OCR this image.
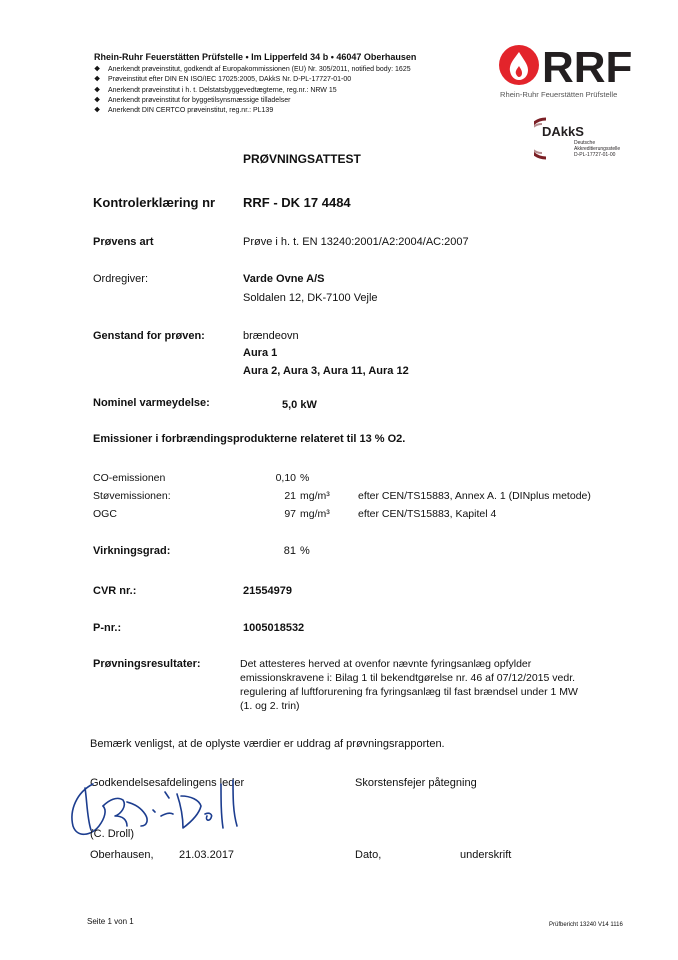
Rhein-Ruhr Feuerstätten Prüfstelle • Im Lipperfeld 34 b • 46047 Oberhausen
❖ Anerkendt prøveinstitut, godkendt af Europakommissionen (EU) Nr. 305/2011, notified body: 1625
❖ Prøveinstitut efter DIN EN ISO/IEC 17025:2005, DAkkS Nr. D-PL-17727-01-00
❖ Anerkendt prøveinstitut i h. t. Delstatsbyggevedtægterne, reg.nr.: NRW 15
❖ Anerkendt prøveinstitut for byggetilsynsmæssige tilladelser
❖ Anerkendt DIN CERTCO prøveinstitut, reg.nr.: PL139
RRF
Rhein-Ruhr Feuerstätten Prüfstelle
DAkkS
Deutsche
Akkreditierungsstelle
D-PL-17727-01-00
PRØVNINGSATTEST
Kontrolerklæring nr RRF - DK 17 4484
Prøvens art	Prøve i h. t. EN 13240:2001/A2:2004/AC:2007
Ordregiver:	Varde Ovne A/S
Soldalen 12, DK-7100 Vejle
Genstand for prøven:	brændeovn
Aura 1
Aura 2, Aura 3, Aura 11, Aura 12
Nominel varmeydelse:	5,0 kW
Emissioner i forbrændingsprodukterne relateret til 13 % O2.
CO-emissionen	0,10 %
Støvemissionen:	21 mg/m³	efter CEN/TS15883, Annex A. 1 (DINplus metode)
OGC	97 mg/m³	efter CEN/TS15883, Kapitel 4
Virkningsgrad:	81 %
CVR nr.:	21554979
P-nr.:	1005018532
Prøvningsresultater:	Det attesteres herved at ovenfor nævnte fyringsanlæg opfylder
emissionskravene i: Bilag 1 til bekendtgørelse nr. 46 af 07/12/2015 vedr.
regulering af luftforurening fra fyringsanlæg til fast brændsel under 1 MW
(1. og 2. trin)
Bemærk venligst, at de oplyste værdier er uddrag af prøvningsrapporten.
Godkendelsesafdelingens leder	Skorstensfejer påtegning
(C. Droll)
Oberhausen, 21.03.2017	Dato,	underskrift
Seite 1 von 1	Prüfbericht 13240 V14 1116
